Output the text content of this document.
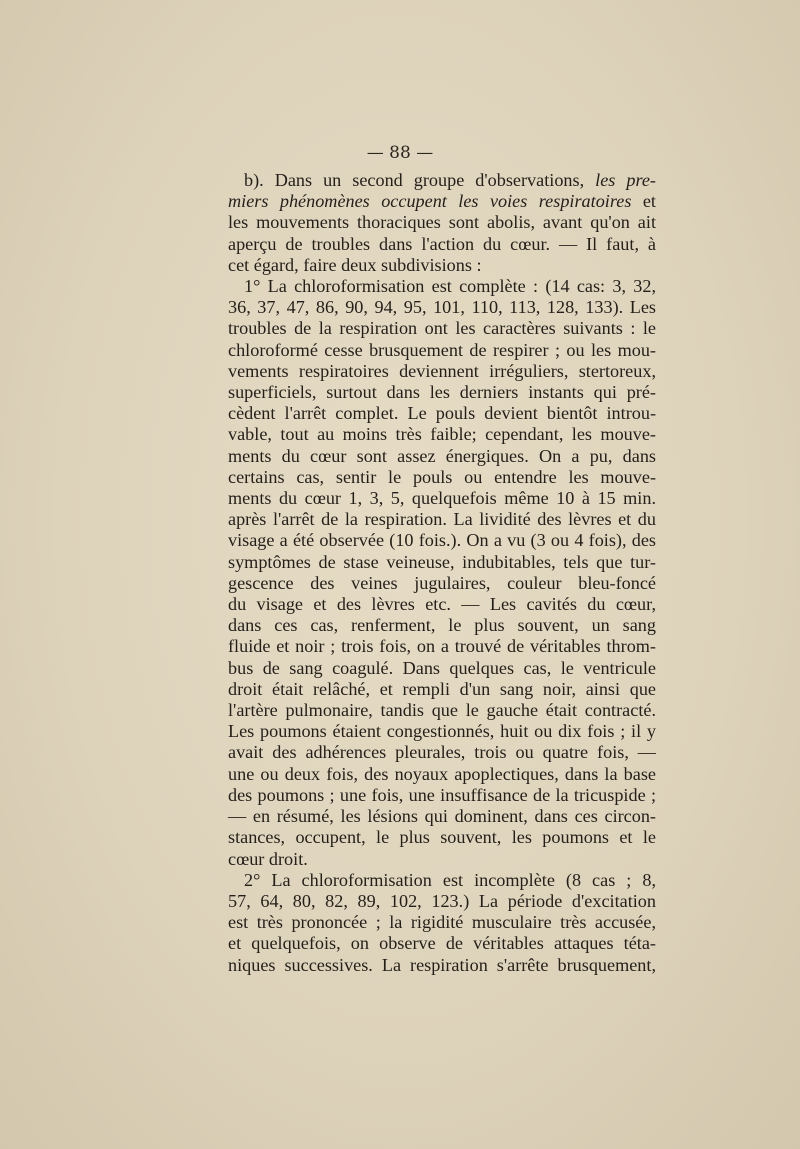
— 88 —
b). Dans un second groupe d'observations, les pre-
miers phénomènes occupent les voies respiratoires et
les mouvements thoraciques sont abolis, avant qu'on ait
aperçu de troubles dans l'action du cœur. — Il faut, à
cet égard, faire deux subdivisions :
1° La chloroformisation est complète : (14 cas: 3, 32,
36, 37, 47, 86, 90, 94, 95, 101, 110, 113, 128, 133). Les
troubles de la respiration ont les caractères suivants : le
chloroformé cesse brusquement de respirer ; ou les mou-
vements respiratoires deviennent irréguliers, stertoreux,
superficiels, surtout dans les derniers instants qui pré-
cèdent l'arrêt complet. Le pouls devient bientôt introu-
vable, tout au moins très faible; cependant, les mouve-
ments du cœur sont assez énergiques. On a pu, dans
certains cas, sentir le pouls ou entendre les mouve-
ments du cœur 1, 3, 5, quelquefois même 10 à 15 min.
après l'arrêt de la respiration. La lividité des lèvres et du
visage a été observée (10 fois.). On a vu (3 ou 4 fois), des
symptômes de stase veineuse, indubitables, tels que tur-
gescence des veines jugulaires, couleur bleu-foncé
du visage et des lèvres etc. — Les cavités du cœur,
dans ces cas, renferment, le plus souvent, un sang
fluide et noir ; trois fois, on a trouvé de véritables throm-
bus de sang coagulé. Dans quelques cas, le ventricule
droit était relâché, et rempli d'un sang noir, ainsi que
l'artère pulmonaire, tandis que le gauche était contracté.
Les poumons étaient congestionnés, huit ou dix fois ; il y
avait des adhérences pleurales, trois ou quatre fois, —
une ou deux fois, des noyaux apoplectiques, dans la base
des poumons ; une fois, une insuffisance de la tricuspide ;
— en résumé, les lésions qui dominent, dans ces circon-
stances, occupent, le plus souvent, les poumons et le
cœur droit.
2° La chloroformisation est incomplète (8 cas ; 8,
57, 64, 80, 82, 89, 102, 123.) La période d'excitation
est très prononcée ; la rigidité musculaire très accusée,
et quelquefois, on observe de véritables attaques téta-
niques successives. La respiration s'arrête brusquement,
